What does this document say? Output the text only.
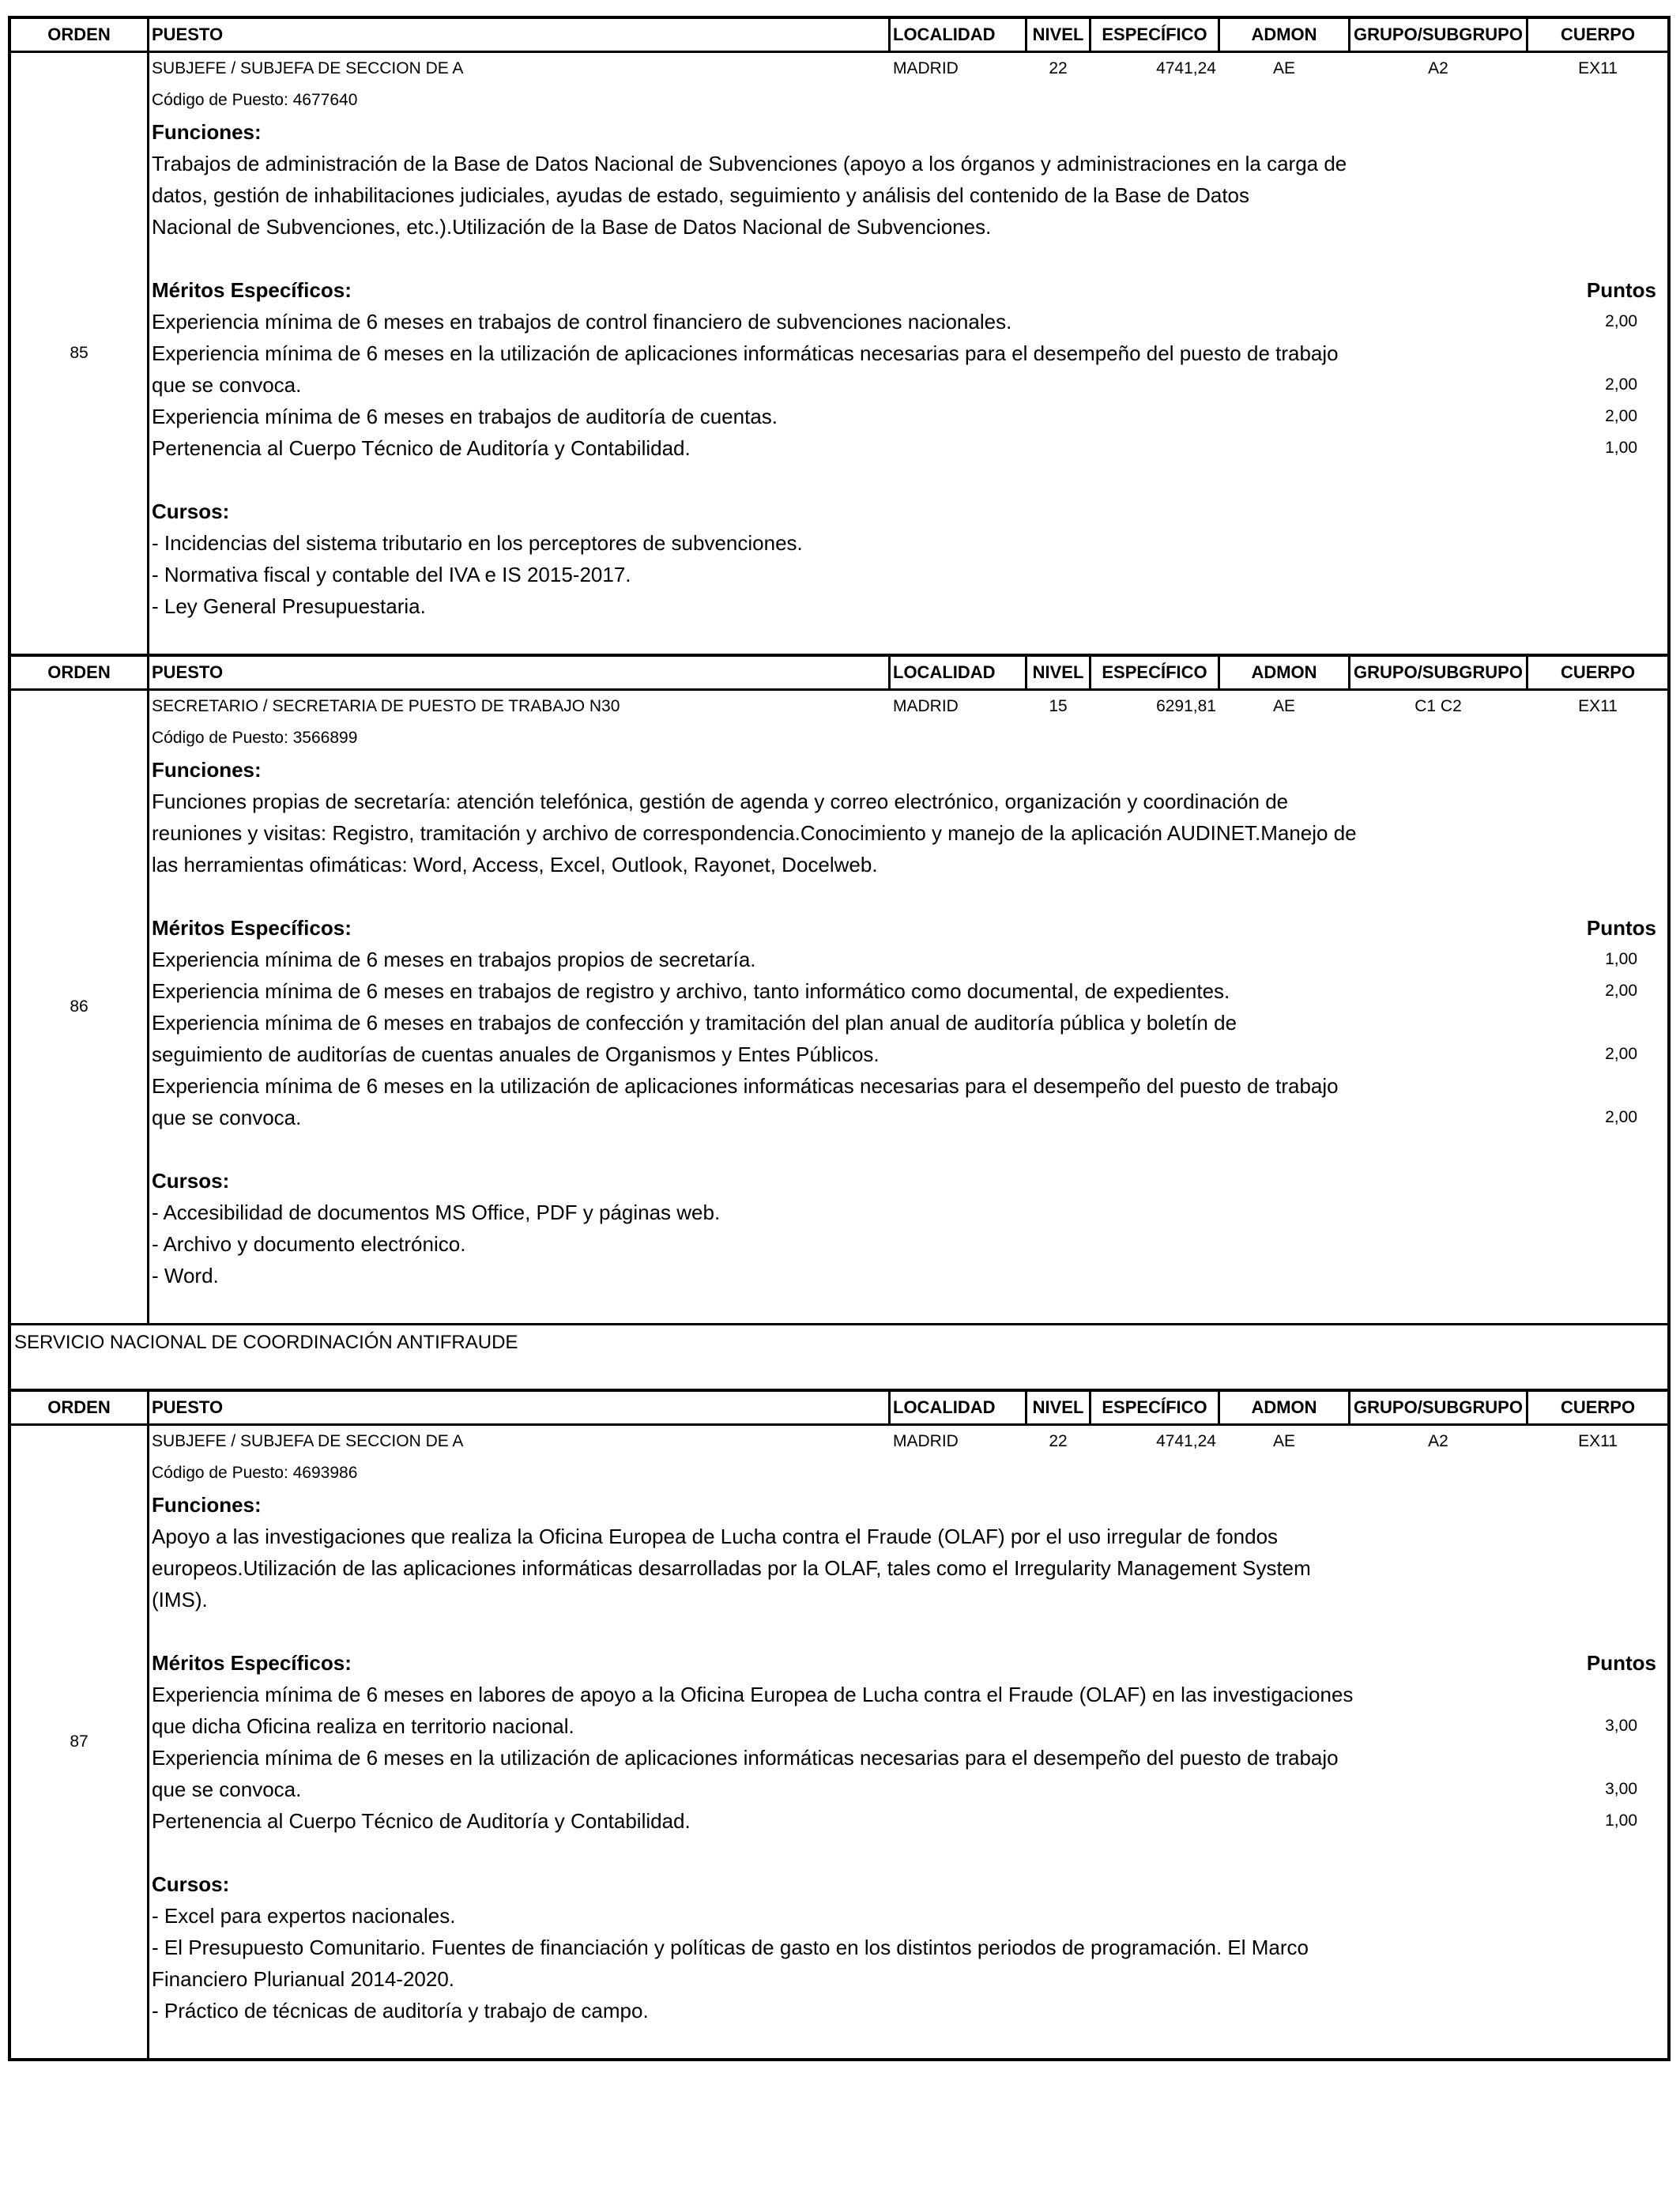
ORDEN	PUESTO	LOCALIDAD	NIVEL	ESPECÍFICO	ADMON	GRUPO/SUBGRUPO	CUERPO
85
SUBJEFE / SUBJEFA DE SECCION DE A	MADRID	22	4741,24	AE	A2	EX11
Código de Puesto: 4677640
Funciones:
Trabajos de administración de la Base de Datos Nacional de Subvenciones (apoyo a los órganos y administraciones en la carga de
datos, gestión de inhabilitaciones judiciales, ayudas de estado, seguimiento y análisis del contenido de la Base de Datos
Nacional de Subvenciones, etc.).Utilización de la Base de Datos Nacional de Subvenciones.
Méritos Específicos:	Puntos
Experiencia mínima de 6 meses en trabajos de control financiero de subvenciones nacionales.	2,00
Experiencia mínima de 6 meses en la utilización de aplicaciones informáticas necesarias para el desempeño del puesto de trabajo
que se convoca.	2,00
Experiencia mínima de 6 meses en trabajos de auditoría de cuentas.	2,00
Pertenencia al Cuerpo Técnico de Auditoría y Contabilidad.	1,00
Cursos:
- Incidencias del sistema tributario en los perceptores de subvenciones.
- Normativa fiscal y contable del IVA e IS 2015-2017.
- Ley General Presupuestaria.
ORDEN	PUESTO	LOCALIDAD	NIVEL	ESPECÍFICO	ADMON	GRUPO/SUBGRUPO	CUERPO
86
SECRETARIO / SECRETARIA DE PUESTO DE TRABAJO N30	MADRID	15	6291,81	AE	C1 C2	EX11
Código de Puesto: 3566899
Funciones:
Funciones propias de secretaría: atención telefónica, gestión de agenda y correo electrónico, organización y coordinación de
reuniones y visitas: Registro, tramitación y archivo de correspondencia.Conocimiento y manejo de la aplicación AUDINET.Manejo de
las herramientas ofimáticas: Word, Access, Excel, Outlook, Rayonet, Docelweb.
Méritos Específicos:	Puntos
Experiencia mínima de 6 meses en trabajos propios de secretaría.	1,00
Experiencia mínima de 6 meses en trabajos de registro y archivo, tanto informático como documental, de expedientes.	2,00
Experiencia mínima de 6 meses en trabajos de confección y tramitación del plan anual de auditoría pública y boletín de
seguimiento de auditorías de cuentas anuales de Organismos y Entes Públicos.	2,00
Experiencia mínima de 6 meses en la utilización de aplicaciones informáticas necesarias para el desempeño del puesto de trabajo
que se convoca.	2,00
Cursos:
- Accesibilidad de documentos MS Office, PDF y páginas web.
- Archivo y documento electrónico.
- Word.
SERVICIO NACIONAL DE COORDINACIÓN ANTIFRAUDE
ORDEN	PUESTO	LOCALIDAD	NIVEL	ESPECÍFICO	ADMON	GRUPO/SUBGRUPO	CUERPO
87
SUBJEFE / SUBJEFA DE SECCION DE A	MADRID	22	4741,24	AE	A2	EX11
Código de Puesto: 4693986
Funciones:
Apoyo a las investigaciones que realiza la Oficina Europea de Lucha contra el Fraude (OLAF) por el uso irregular de fondos
europeos.Utilización de las aplicaciones informáticas desarrolladas por la OLAF, tales como el Irregularity Management System
(IMS).
Méritos Específicos:	Puntos
Experiencia mínima de 6 meses en labores de apoyo a la Oficina Europea de Lucha contra el Fraude (OLAF) en las investigaciones
que dicha Oficina realiza en territorio nacional.	3,00
Experiencia mínima de 6 meses en la utilización de aplicaciones informáticas necesarias para el desempeño del puesto de trabajo
que se convoca.	3,00
Pertenencia al Cuerpo Técnico de Auditoría y Contabilidad.	1,00
Cursos:
- Excel para expertos nacionales.
- El Presupuesto Comunitario. Fuentes de financiación y políticas de gasto en los distintos periodos de programación. El Marco
Financiero Plurianual 2014-2020.
- Práctico de técnicas de auditoría y trabajo de campo.
